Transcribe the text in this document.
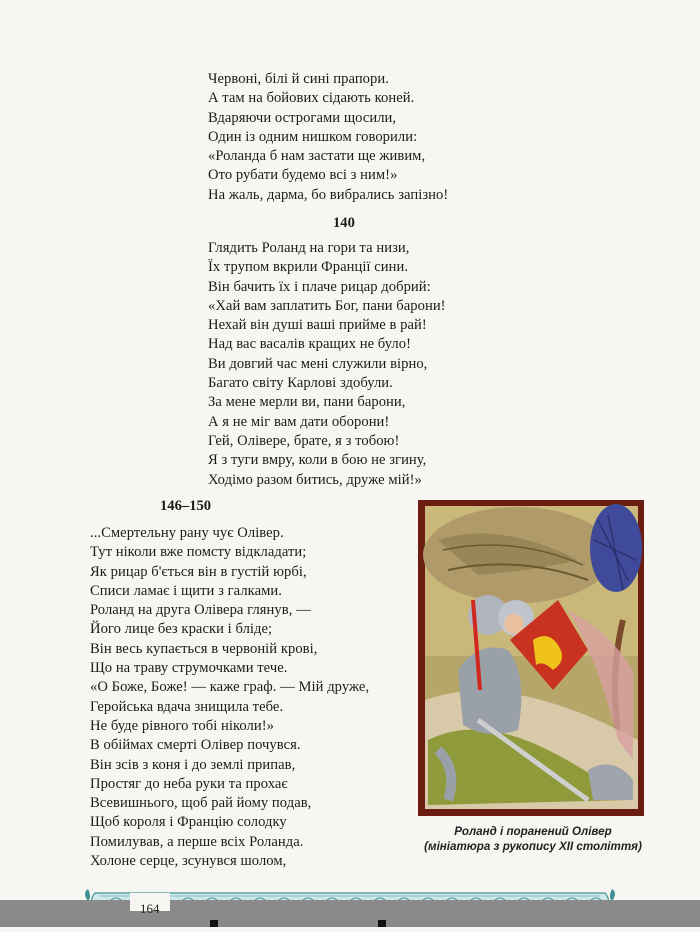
Червоні, білі й сині прапори.
А там на бойових сідають коней.
Вдаряючи острогами щосили,
Один із одним нишком говорили:
«Роланда б нам застати ще живим,
Ото рубати будемо всі з ним!»
На жаль, дарма, бо вибрались запізно!
140
Глядить Роланд на гори та низи,
Їх трупом вкрили Франції сини.
Він бачить їх і плаче рицар добрий:
«Хай вам заплатить Бог, пани барони!
Нехай він душі ваші прийме в рай!
Над вас васалів кращих не було!
Ви довгий час мені служили вірно,
Багато світу Карлові здобули.
За мене мерли ви, пани барони,
А я не міг вам дати оборони!
Гей, Олівере, брате, я з тобою!
Я з туги вмру, коли в бою не згину,
Ходімо разом битись, друже мій!»
146–150
...Смертельну рану чує Олівер.
Тут ніколи вже помсту відкладати;
Як рицар б'ється він в густій юрбі,
Списи ламає і щити з галками.
Роланд на друга Олівера глянув, —
Його лице без краски і бліде;
Він весь купається в червоній крові,
Що на траву струмочками тече.
«О Боже, Боже! — каже граф. — Мій друже,
Геройська вдача знищила тебе.
Не буде рівного тобі ніколи!»
В обіймах смерті Олівер почувся.
Він зсів з коня і до землі припав,
Простяг до неба руки та прохає
Всевишнього, щоб рай йому подав,
Щоб короля і Францію солодку
Помилував, а перше всіх Роланда.
Холоне серце, зсунувся шолом,
Роланд і поранений Олівер
(мініатюра з рукопису XII століття)
164
